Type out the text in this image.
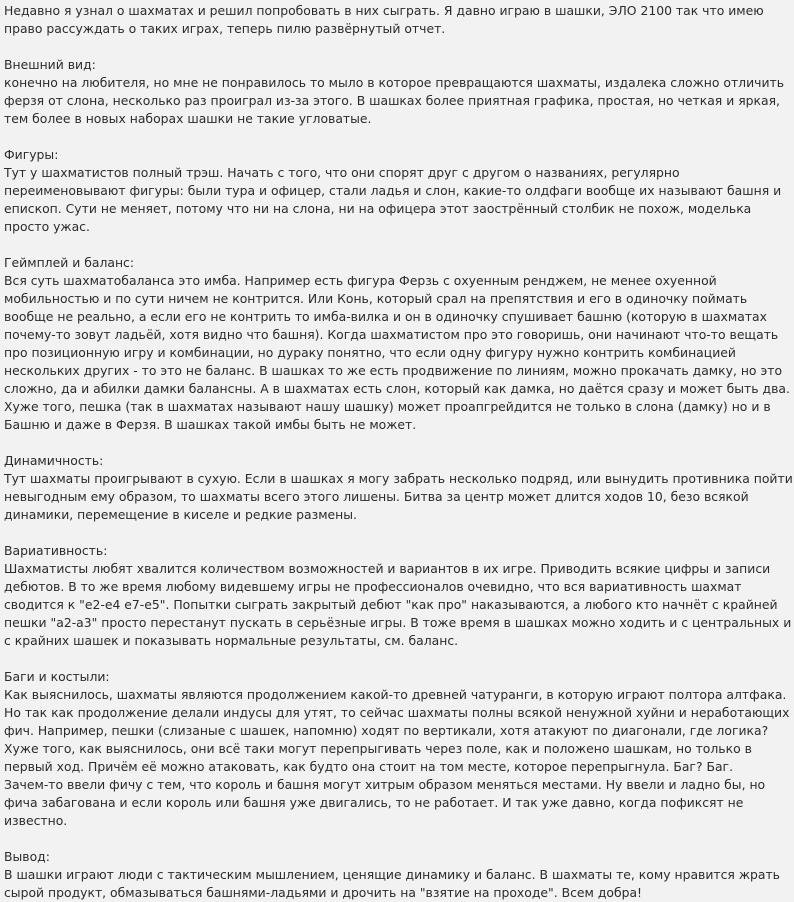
Недавно я узнал о шахматах и решил попробовать в них сыграть. Я давно играю в шашки, ЭЛО 2100 так что имею право рассуждать о таких играх, теперь пилю развёрнутый отчет.

Внешний вид:

конечно на любителя, но мне не понравилось то мыло в которое превращаются шахматы, издалека сложно отличить ферзя от слона, несколько раз проиграл из-за этого. В шашках более приятная графика, простая, но четкая и яркая, тем более в новых наборах шашки не такие угловатые.

Фигуры:

Тут у шахматистов полный трэш. Начать с того, что они спорят друг с другом о названиях, регулярно переименовывают фигуры: были тура и офицер, стали ладья и слон, какие-то олдфаги вообще их называют башня и епископ. Сути не меняет, потому что ни на слона, ни на офицера этот заострённый столбик не похож, моделька просто ужас.

Геймплей и баланс:

Вся суть шахматобаланса это имба. Например есть фигура Ферзь с охуенным ренджем, не менее охуенной мобильностью и по сути ничем не контрится. Или Конь, который срал на препятствия и его в одиночку поймать вообще не реально, а если его не контрить то имба-вилка и он в одиночку спушивает башню (которую в шахматах почему-то зовут ладьёй, хотя видно что башня). Когда шахматистом про это говоришь, они начинают что-то вещать про позиционную игру и комбинации, но дураку понятно, что если одну фигуру нужно контрить комбинацией нескольких других - то это не баланс. В шашках то же есть продвижение по линиям, можно прокачать дамку, но это сложно, да и абилки дамки балансны. А в шахматах есть слон, который как дамка, но даётся сразу и может быть два. Хуже того, пешка (так в шахматах называют нашу шашку) может проапгрейдится не только в слона (дамку) но и в Башню и даже в Ферзя. В шашках такой имбы быть не может.

Динамичность:

Тут шахматы проигрывают в сухую. Если в шашках я могу забрать несколько подряд, или вынудить противника пойти невыгодным ему образом, то шахматы всего этого лишены. Битва за центр может длится ходов 10, безо всякой динамики, перемещение в киселе и редкие размены.

Вариативность:

Шахматисты любят хвалится количеством возможностей и вариантов в их игре. Приводить всякие цифры и записи дебютов. В то же время любому видевшему игры не профессионалов очевидно, что вся вариативность шахмат сводится к "е2-е4 е7-е5". Попытки сыграть закрытый дебют "как про" наказываются, а любого кто начнёт с крайней пешки "а2-а3" просто перестанут пускать в серьёзные игры. В тоже время в шашках можно ходить и с центральных и с крайних шашек и показывать нормальные результаты, см. баланс.

Баги и костыли:

Как выяснилось, шахматы являются продолжением какой-то древней чатуранги, в которую играют полтора алтфака. Но так как продолжение делали индусы для утят, то сейчас шахматы полны всякой ненужной хуйни и неработающих фич. Например, пешки (слизаные с шашек, напомню) ходят по вертикали, хотя атакуют по диагонали, где логика? Хуже того, как выяснилось, они всё таки могут перепрыгивать через поле, как и положено шашкам, но только в первый ход. Причём её можно атаковать, как будто она стоит на том месте, которое перепрыгнула. Баг? Баг.
Зачем-то ввели фичу с тем, что король и башня могут хитрым образом меняться местами. Ну ввели и ладно бы, но фича забагована и если король или башня уже двигались, то не работает. И так уже давно, когда пофиксят не известно.

Вывод:

В шашки играют люди с тактическим мышлением, ценящие динамику и баланс. В шахматы те, кому нравится жрать сырой продукт, обмазываться башнями-ладьями и дрочить на "взятие на проходе". Всем добра!
